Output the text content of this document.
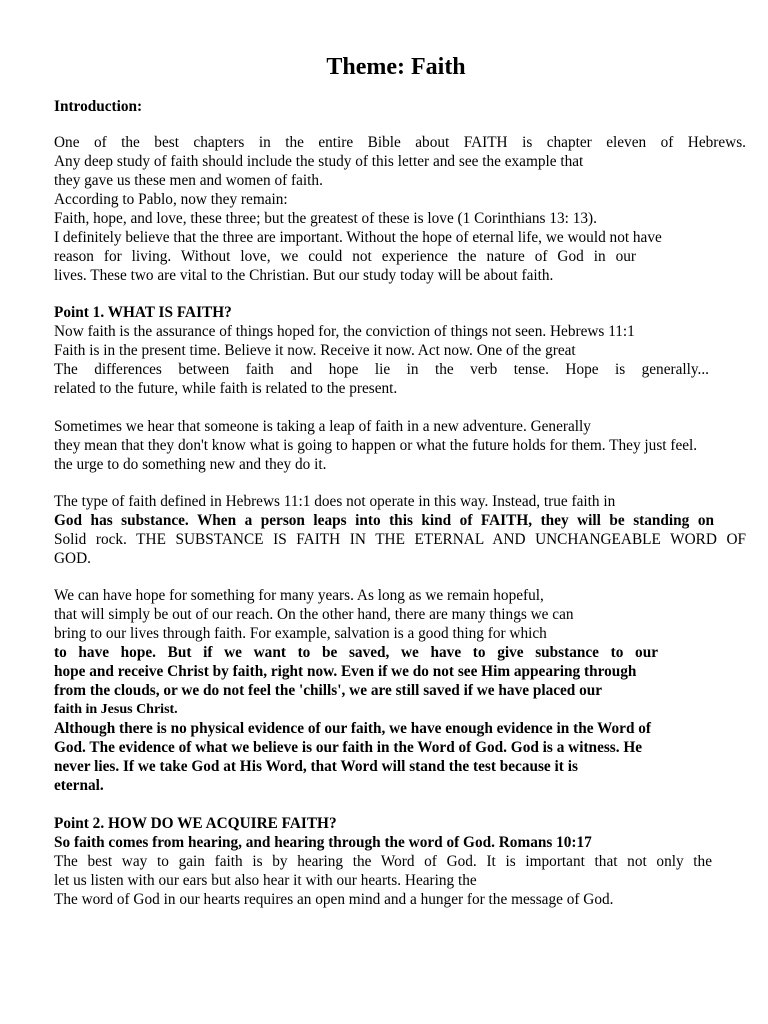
Theme: Faith
Introduction:
One of the best chapters in the entire Bible about FAITH is chapter eleven of Hebrews.
Any deep study of faith should include the study of this letter and see the example that
they gave us these men and women of faith.
According to Pablo, now they remain:
Faith, hope, and love, these three; but the greatest of these is love (1 Corinthians 13: 13).
I definitely believe that the three are important. Without the hope of eternal life, we would not have
reason for living. Without love, we could not experience the nature of God in our
lives. These two are vital to the Christian. But our study today will be about faith.
Point 1. WHAT IS FAITH?
Now faith is the assurance of things hoped for, the conviction of things not seen. Hebrews 11:1
Faith is in the present time. Believe it now. Receive it now. Act now. One of the great
The differences between faith and hope lie in the verb tense. Hope is generally...
related to the future, while faith is related to the present.
Sometimes we hear that someone is taking a leap of faith in a new adventure. Generally
they mean that they don't know what is going to happen or what the future holds for them. They just feel.
the urge to do something new and they do it.
The type of faith defined in Hebrews 11:1 does not operate in this way. Instead, true faith in
God has substance. When a person leaps into this kind of FAITH, they will be standing on
Solid rock. THE SUBSTANCE IS FAITH IN THE ETERNAL AND UNCHANGEABLE WORD OF
GOD.
We can have hope for something for many years. As long as we remain hopeful,
that will simply be out of our reach. On the other hand, there are many things we can
bring to our lives through faith. For example, salvation is a good thing for which
to have hope. But if we want to be saved, we have to give substance to our
hope and receive Christ by faith, right now. Even if we do not see Him appearing through
from the clouds, or we do not feel the 'chills', we are still saved if we have placed our
faith in Jesus Christ.
Although there is no physical evidence of our faith, we have enough evidence in the Word of
God. The evidence of what we believe is our faith in the Word of God. God is a witness. He
never lies. If we take God at His Word, that Word will stand the test because it is
eternal.
Point 2. HOW DO WE ACQUIRE FAITH?
So faith comes from hearing, and hearing through the word of God. Romans 10:17
The best way to gain faith is by hearing the Word of God. It is important that not only the
let us listen with our ears but also hear it with our hearts. Hearing the
The word of God in our hearts requires an open mind and a hunger for the message of God.
